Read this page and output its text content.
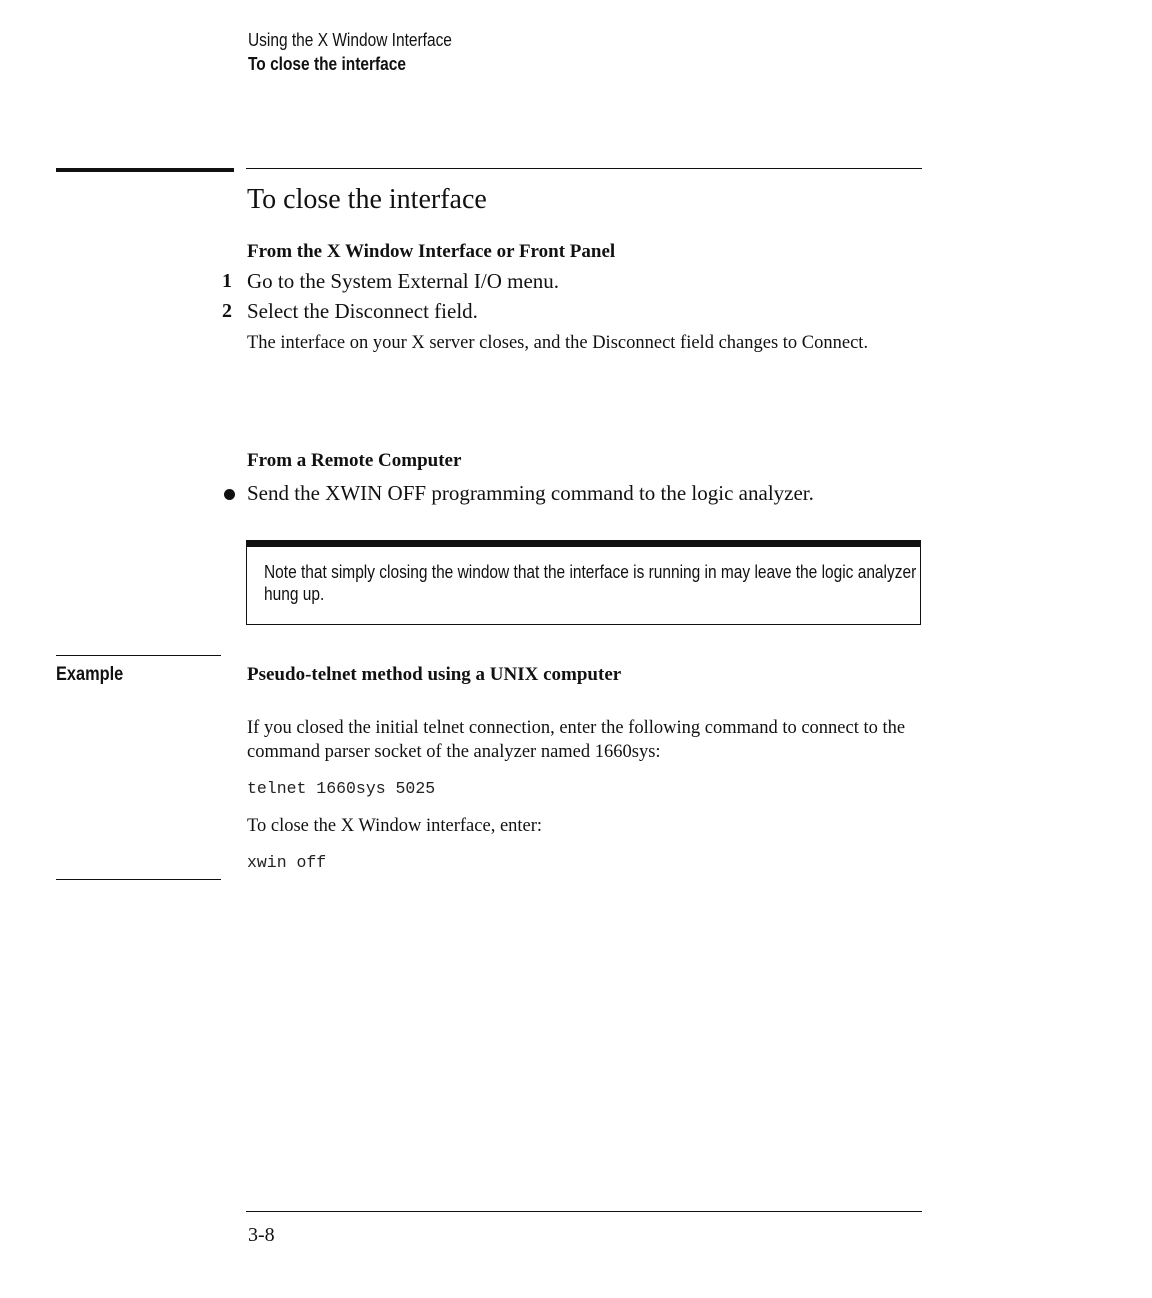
Using the X Window Interface
To close the interface
To close the interface
From the X Window Interface or Front Panel
1 Go to the System External I/O menu.
2 Select the Disconnect field.
The interface on your X server closes, and the Disconnect field changes to Connect.
From a Remote Computer
Send the XWIN OFF programming command to the logic analyzer.
Note that simply closing the window that the interface is running in may leave the logic analyzer hung up.
Example	Pseudo-telnet method using a UNIX computer
If you closed the initial telnet connection, enter the following command to connect to the command parser socket of the analyzer named 1660sys:
telnet 1660sys 5025
To close the X Window interface, enter:
xwin off
3-8
